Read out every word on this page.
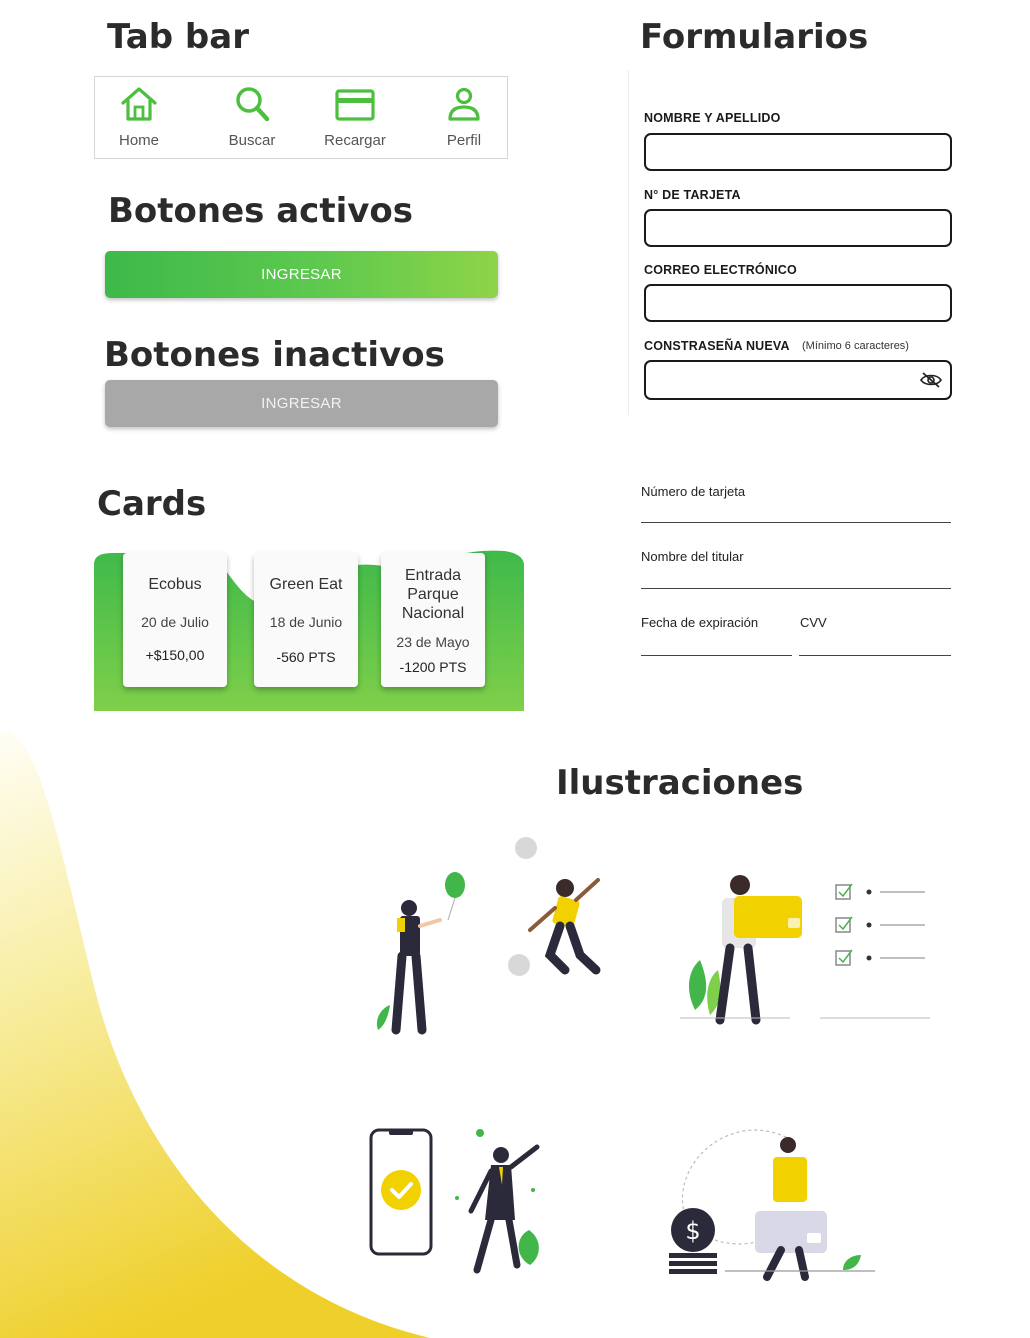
Tab bar
Home	Buscar	Recargar	Perfil
Botones activos
INGRESAR
Botones inactivos
INGRESAR
Cards
Ecobus
20 de Julio
+$150,00
Green Eat
18 de Junio
-560 PTS
Entrada Parque Nacional
23 de Mayo
-1200 PTS
Formularios
NOMBRE Y APELLIDO
N° DE TARJETA
CORREO ELECTRÓNICO
CONSTRASEÑA NUEVA (Mínimo 6 caracteres)
Número de tarjeta
Nombre del titular
Fecha de expiración	CVV
Ilustraciones
$
